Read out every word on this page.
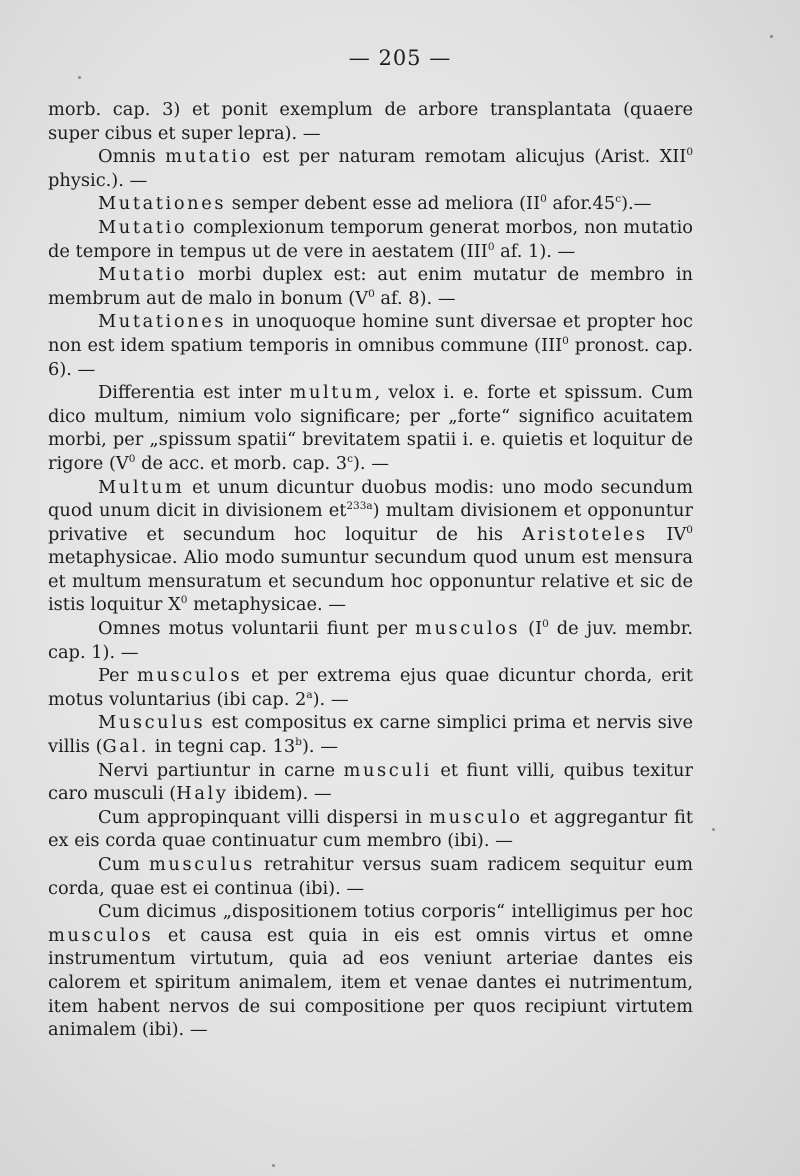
— 205 —

morb. cap. 3) et ponit exemplum de arbore transplantata (quaere super cibus et super lepra). —

Omnis mutatio est per naturam remotam alicujus (Arist. XII$^0$ physic.). —

Mutationes semper debent esse ad meliora ($II^0$ afor.45$^c$).—

Mutatio complexionum temporum generat morbos, non mutatio de tempore in tempus ut de vere in aestatem (III$^0$ af. 1). —

Mutatio morbi duplex est: aut enim mutatur de membro in membrum aut de malo in bonum ($V^0$ af. 8). —

Mutationes in unoquoque homine sunt diversae et propter hoc non est idem spatium temporis in omnibus commune (III$^0$ pronost. cap. 6). —

Differentia est inter multum, velox i. e. forte et spissum. Cum dico multum, nimium volo significare; per „forte“ significo acuitatem morbi, per „spissum spatii“ brevitatem spatii i. e. quietis et loquitur de rigore ($V^0$ de acc. et morb. cap. 3$^c$). —

Multum et unum dicuntur duobus modis: uno modo secundum quod unum dicit in divisionem $et^{233a}$) multam divisionem et opponuntur privative et secundum hoc loquitur de his Aristoteles $IV^0$ metaphysicae. Alio modo sumuntur secundum quod unum est mensura et multum mensuratum et secundum hoc opponuntur relative et sic de istis loquitur $X^0$ metaphysicae. —

Omnes motus voluntarii fiunt per musculos ($I^0$ de juv. membr. cap. 1). —

Per musculos et per extrema ejus quae dicuntur chorda, erit motus voluntarius (ibi cap. 2$^a$). —

Musculus est compositus ex carne simplici prima et nervis sive villis (Gal. in tegni cap. 13$^b$). —

Nervi partiuntur in carne musculi et fiunt villi, quibus texitur caro musculi (Haly ibidem). —

Cum appropinquant villi dispersi in musculo et aggregantur fit ex eis corda quae continuatur cum membro (ibi). —

Cum musculus retrahitur versus suam radicem sequitur eum corda, quae est ei continua (ibi). —

Cum dicimus „dispositionem totius corporis“ intelligimus per hoc musculos et causa est quia in eis est omnis virtus et omne instrumentum virtutum, quia ad eos veniunt arteriae dantes eis calorem et spiritum animalem, item et venae dantes ei nutrimentum, item habent nervos de sui compositione per quos recipiunt virtutem animalem (ibi). —
